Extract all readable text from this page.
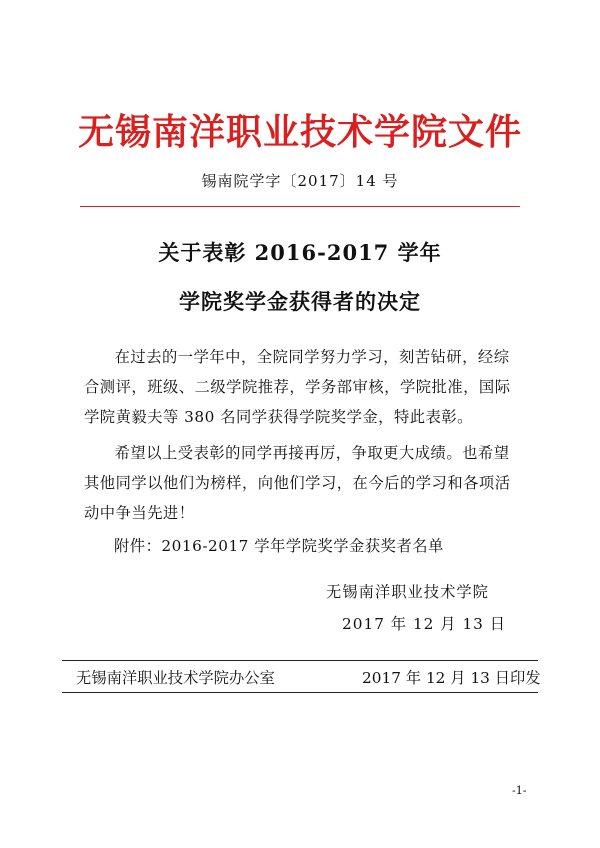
无锡南洋职业技术学院文件
锡南院学字〔2017〕14 号
关于表彰 2016-2017 学年
学院奖学金获得者的决定
在过去的一学年中，全院同学努力学习，刻苦钻研，经综合测评，班级、二级学院推荐，学务部审核，学院批准，国际学院黄毅夫等 380 名同学获得学院奖学金，特此表彰。
希望以上受表彰的同学再接再厉，争取更大成绩。也希望其他同学以他们为榜样，向他们学习，在今后的学习和各项活动中争当先进！
附件：2016-2017 学年学院奖学金获奖者名单
无锡南洋职业技术学院
2017 年 12 月 13 日
无锡南洋职业技术学院办公室	2017 年 12 月 13 日印发
-1-
